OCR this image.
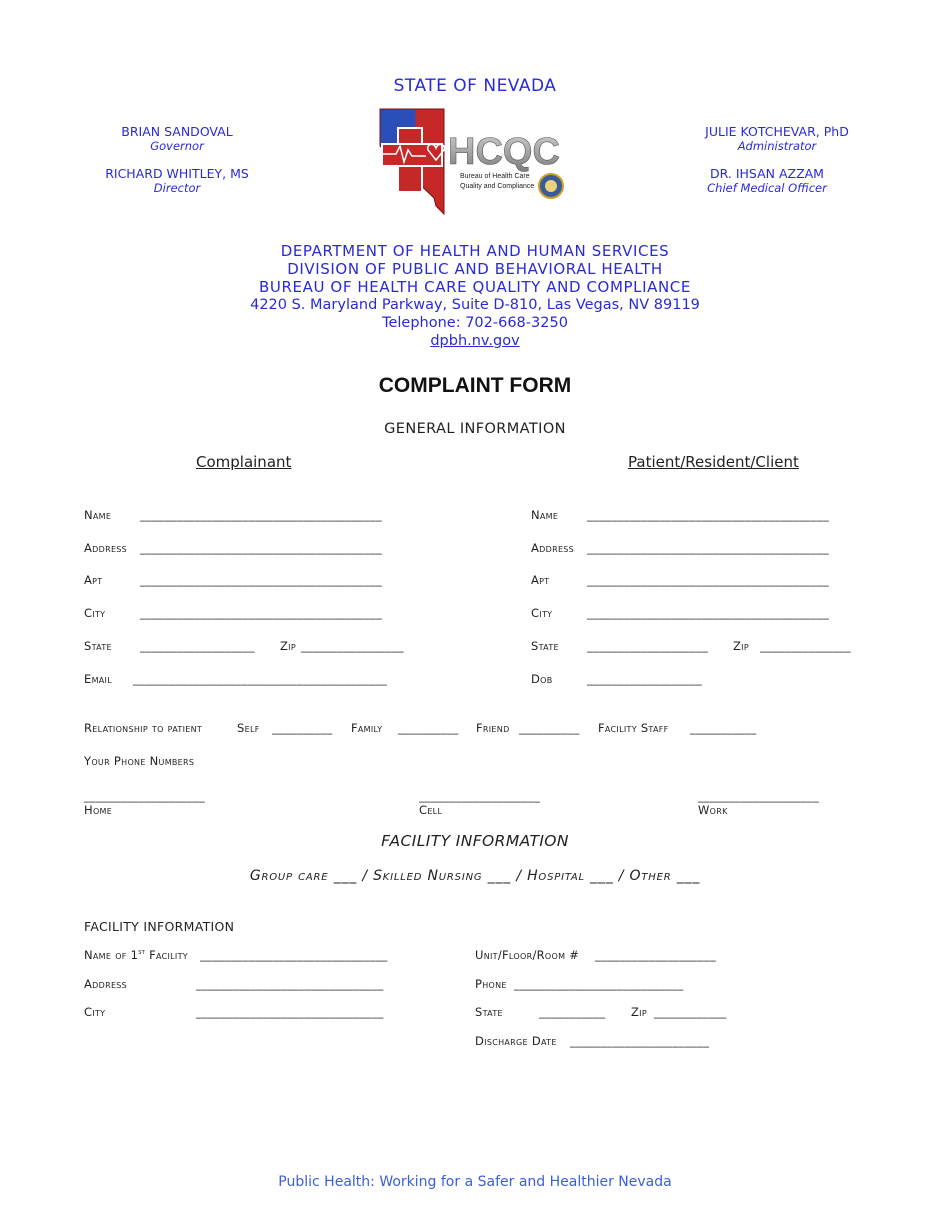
STATE OF NEVADA
BRIAN SANDOVAL
Governor
RICHARD WHITLEY, MS
Director
JULIE KOTCHEVAR, PhD
Administrator
DR. IHSAN AZZAM
Chief Medical Officer
HCQC
Bureau of Health Care
Quality and Compliance
DEPARTMENT OF HEALTH AND HUMAN SERVICES
DIVISION OF PUBLIC AND BEHAVIORAL HEALTH
BUREAU OF HEALTH CARE QUALITY AND COMPLIANCE
4220 S. Maryland Parkway, Suite D-810, Las Vegas, NV 89119
Telephone: 702-668-3250
dpbh.nv.gov
COMPLAINT FORM
GENERAL INFORMATION
Complainant	Patient/Resident/Client
Name	________________________________________
Address ________________________________________
Apt	________________________________________
City	________________________________________
State ___________________ Zip _________________
Email __________________________________________
Name	________________________________________
Address ________________________________________
Apt	________________________________________
City	________________________________________
State ____________________ Zip _______________
Dob	___________________
Relationship to patient	Self __________ Family __________ Friend __________ Facility Staff ___________
Your Phone Numbers
____________________
Home
____________________
Cell
____________________
Work
FACILITY INFORMATION
Group care ___ / Skilled Nursing ___ / Hospital ___ / Other ___
FACILITY INFORMATION
Name of 1st Facility _______________________________
Address	_______________________________
City	_______________________________
Unit/Floor/Room # ____________________
Phone ____________________________
State	___________ Zip ____________
Discharge Date _______________________
Public Health: Working for a Safer and Healthier Nevada
